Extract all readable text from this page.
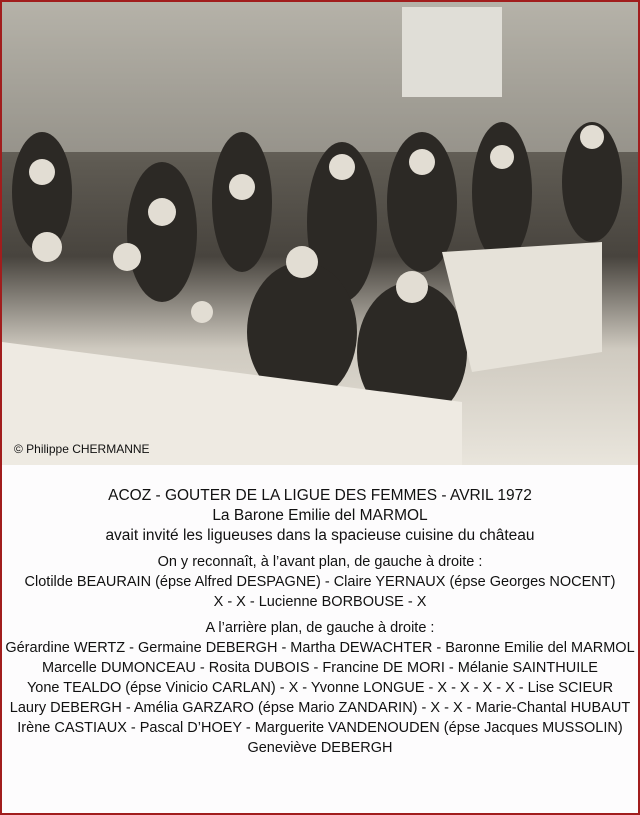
© Philippe CHERMANNE
ACOZ - GOUTER DE LA LIGUE DES FEMMES - AVRIL 1972
La Barone Emilie del MARMOL
avait invité les ligueuses dans la spacieuse cuisine du château
On y reconnaît, à l’avant plan, de gauche à droite :
Clotilde BEAURAIN (épse Alfred DESPAGNE) - Claire YERNAUX (épse Georges NOCENT)
X - X - Lucienne BORBOUSE - X
A l’arrière plan, de gauche à droite :
Gérardine WERTZ - Germaine DEBERGH - Martha DEWACHTER - Baronne Emilie del MARMOL
Marcelle DUMONCEAU - Rosita DUBOIS - Francine DE MORI - Mélanie SAINTHUILE
Yone TEALDO (épse Vinicio CARLAN) - X - Yvonne LONGUE - X - X - X - X - Lise SCIEUR
Laury DEBERGH - Amélia GARZARO (épse Mario ZANDARIN) - X - X - Marie-Chantal HUBAUT
Irène CASTIAUX - Pascal D’HOEY - Marguerite VANDENOUDEN (épse Jacques MUSSOLIN)
Geneviève DEBERGH
